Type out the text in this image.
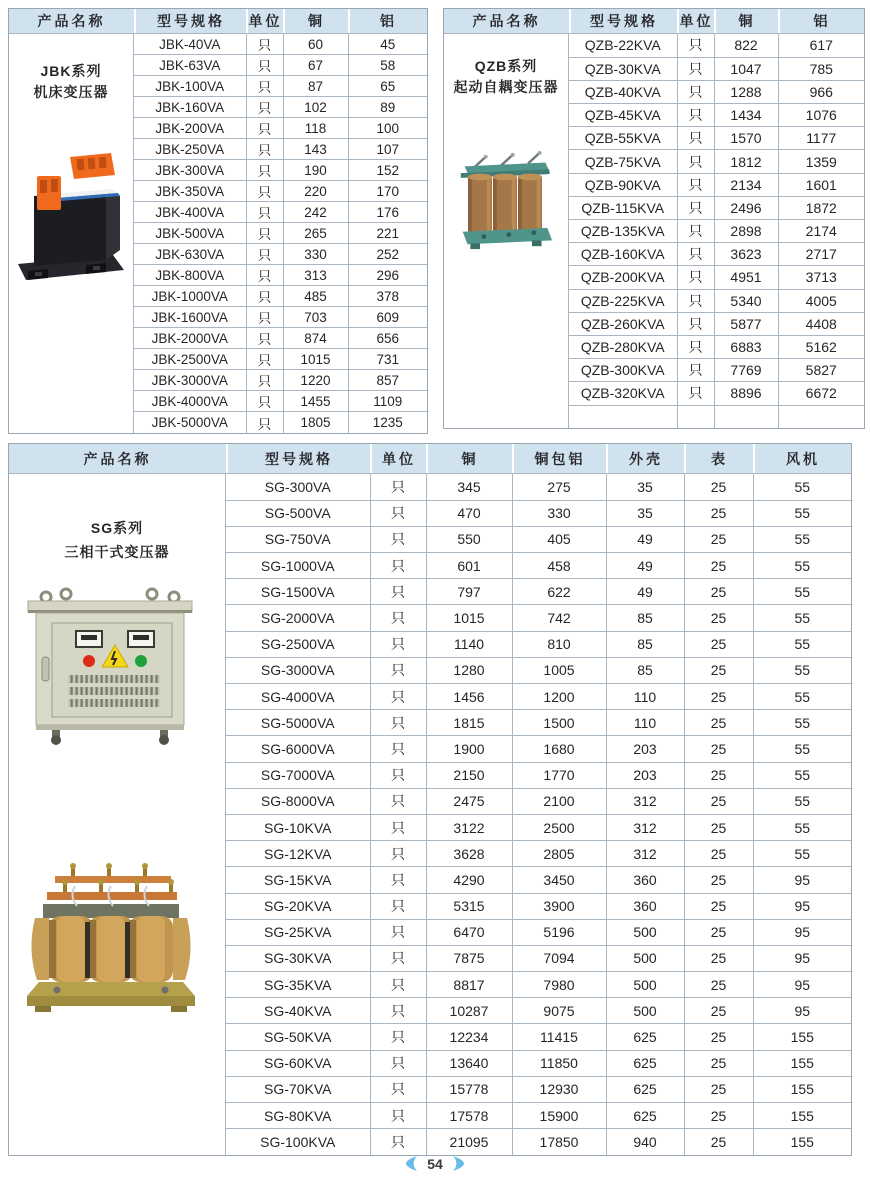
产品名称	型号规格	单位	铜	铝
JBK系列
机床变压器
JBK-40VA	只	60	45
JBK-63VA	只	67	58
JBK-100VA	只	87	65
JBK-160VA	只	102	89
JBK-200VA	只	118	100
JBK-250VA	只	143	107
JBK-300VA	只	190	152
JBK-350VA	只	220	170
JBK-400VA	只	242	176
JBK-500VA	只	265	221
JBK-630VA	只	330	252
JBK-800VA	只	313	296
JBK-1000VA	只	485	378
JBK-1600VA	只	703	609
JBK-2000VA	只	874	656
JBK-2500VA	只	1015	731
JBK-3000VA	只	1220	857
JBK-4000VA	只	1455	1109
JBK-5000VA	只	1805	1235
产品名称	型号规格	单位	铜	铝
QZB系列
起动自耦变压器
QZB-22KVA	只	822	617
QZB-30KVA	只	1047	785
QZB-40KVA	只	1288	966
QZB-45KVA	只	1434	1076
QZB-55KVA	只	1570	1177
QZB-75KVA	只	1812	1359
QZB-90KVA	只	2134	1601
QZB-115KVA	只	2496	1872
QZB-135KVA	只	2898	2174
QZB-160KVA	只	3623	2717
QZB-200KVA	只	4951	3713
QZB-225KVA	只	5340	4005
QZB-260KVA	只	5877	4408
QZB-280KVA	只	6883	5162
QZB-300KVA	只	7769	5827
QZB-320KVA	只	8896	6672

产品名称	型号规格	单位	铜	铜包铝	外壳	表	风机
SG系列
三相干式变压器
SG-300VA	只	345	275	35	25	55
SG-500VA	只	470	330	35	25	55
SG-750VA	只	550	405	49	25	55
SG-1000VA	只	601	458	49	25	55
SG-1500VA	只	797	622	49	25	55
SG-2000VA	只	1015	742	85	25	55
SG-2500VA	只	1140	810	85	25	55
SG-3000VA	只	1280	1005	85	25	55
SG-4000VA	只	1456	1200	110	25	55
SG-5000VA	只	1815	1500	110	25	55
SG-6000VA	只	1900	1680	203	25	55
SG-7000VA	只	2150	1770	203	25	55
SG-8000VA	只	2475	2100	312	25	55
SG-10KVA	只	3122	2500	312	25	55
SG-12KVA	只	3628	2805	312	25	55
SG-15KVA	只	4290	3450	360	25	95
SG-20KVA	只	5315	3900	360	25	95
SG-25KVA	只	6470	5196	500	25	95
SG-30KVA	只	7875	7094	500	25	95
SG-35KVA	只	8817	7980	500	25	95
SG-40KVA	只	10287	9075	500	25	95
SG-50KVA	只	12234	11415	625	25	155
SG-60KVA	只	13640	11850	625	25	155
SG-70KVA	只	15778	12930	625	25	155
SG-80KVA	只	17578	15900	625	25	155
SG-100KVA	只	21095	17850	940	25	155
54
